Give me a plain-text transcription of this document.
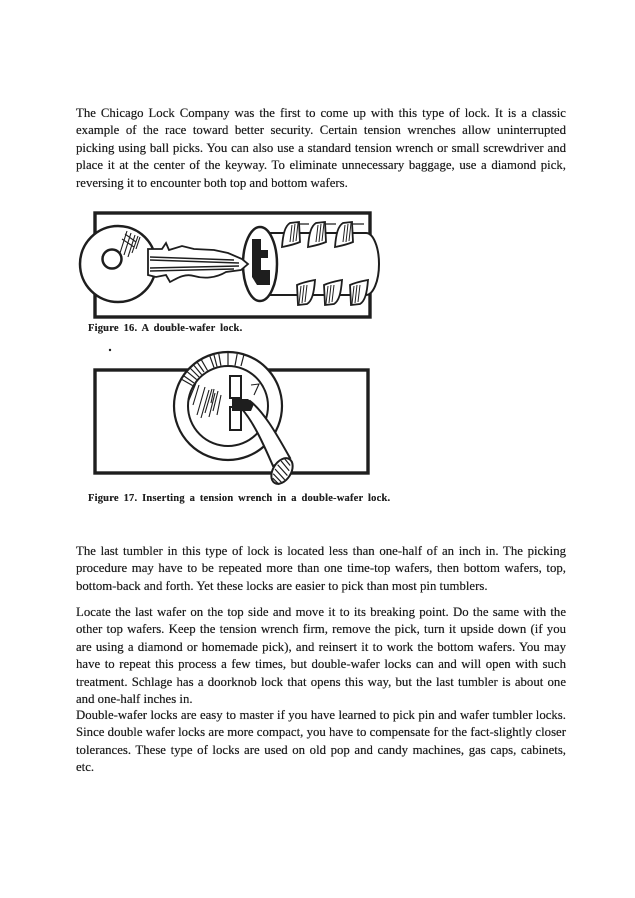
The Chicago Lock Company was the first to come up with this type of lock. It is a classic example of the race toward better security. Certain tension wrenches allow uninterrupted picking using ball picks. You can also use a standard tension wrench or small screwdriver and place it at the center of the keyway. To eliminate unnecessary baggage, use a diamond pick, reversing it to encounter both top and bottom wafers.

Figure 16. A double-wafer lock.

Figure 17. Inserting a tension wrench in a double-wafer lock.

The last tumbler in this type of lock is located less than one-half of an inch in. The picking procedure may have to be repeated more than one time-top wafers, then bottom wafers, top, bottom-back and forth. Yet these locks are easier to pick than most pin tumblers.

Locate the last wafer on the top side and move it to its breaking point. Do the same with the other top wafers. Keep the tension wrench firm, remove the pick, turn it upside down (if you are using a diamond or homemade pick), and reinsert it to work the bottom wafers. You may have to repeat this process a few times, but double-wafer locks can and will open with such treatment. Schlage has a doorknob lock that opens this way, but the last tumbler is about one and one-half inches in.

Double-wafer locks are easy to master if you have learned to pick pin and wafer tumbler locks. Since double wafer locks are more compact, you have to compensate for the fact-slightly closer tolerances. These type of locks are used on old pop and candy machines, gas caps, cabinets, etc.
